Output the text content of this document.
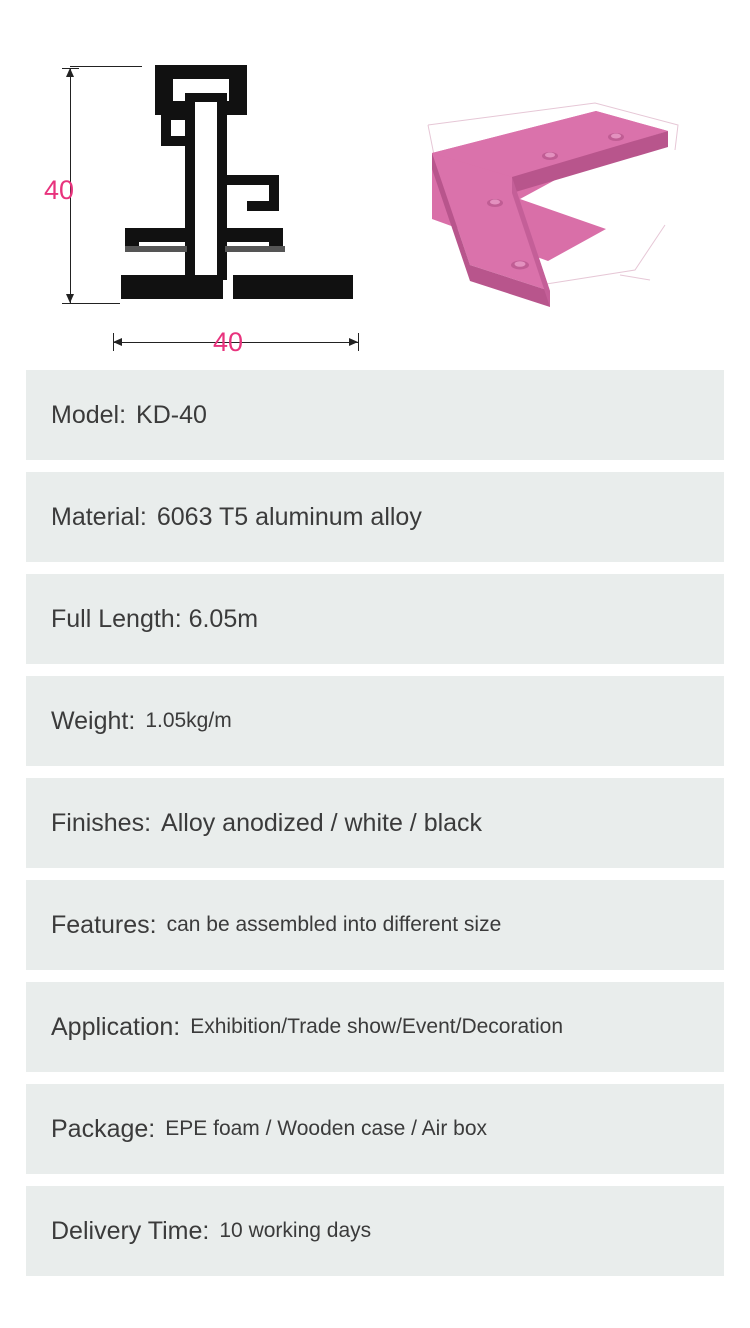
40
40
Model: KD-40
Material: 6063 T5 aluminum alloy
Full Length: 6.05m
Weight: 1.05kg/m
Finishes: Alloy anodized / white / black
Features: can be assembled into different size
Application: Exhibition/Trade show/Event/Decoration
Package: EPE foam / Wooden case / Air box
Delivery Time: 10 working days
